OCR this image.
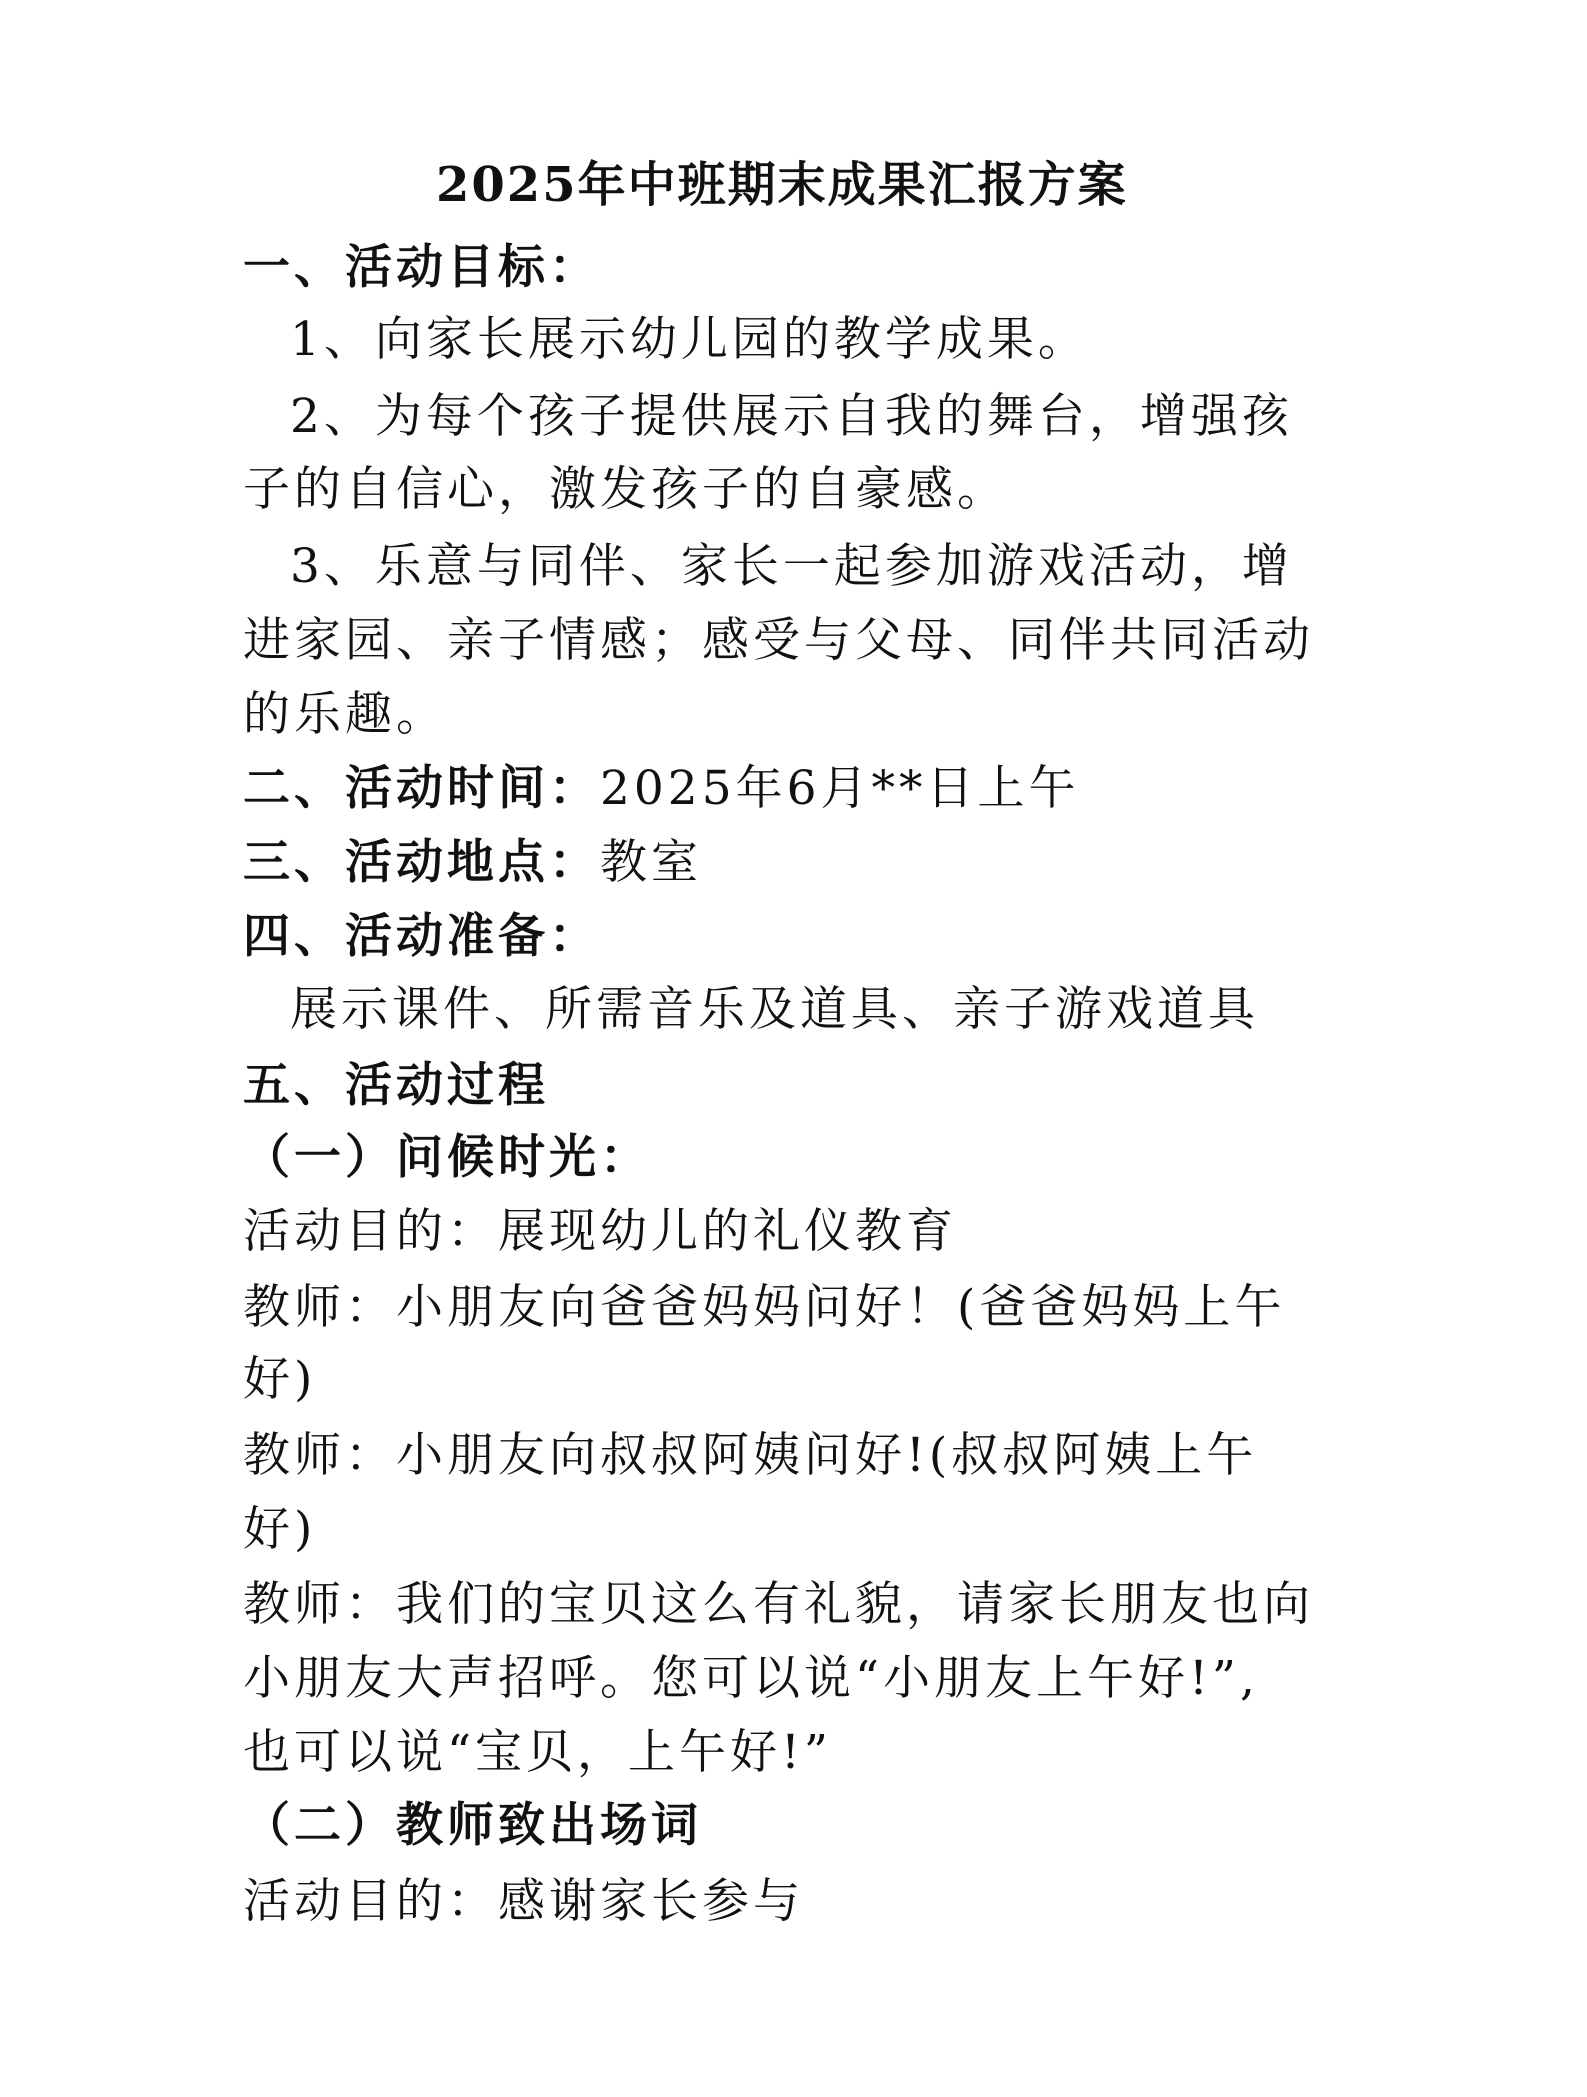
2025年中班期末成果汇报方案
一、活动目标：
1、向家长展示幼儿园的教学成果。
2、为每个孩子提供展示自我的舞台，增强孩
子的自信心，激发孩子的自豪感。
3、乐意与同伴、家长一起参加游戏活动，增
进家园、亲子情感；感受与父母、同伴共同活动
的乐趣。
二、活动时间：2025年6月**日上午
三、活动地点：教室
四、活动准备：
展示课件、所需音乐及道具、亲子游戏道具
五、活动过程
（一）问候时光：
活动目的：展现幼儿的礼仪教育
教师：小朋友向爸爸妈妈问好！(爸爸妈妈上午
好)
教师：小朋友向叔叔阿姨问好!(叔叔阿姨上午
好)
教师：我们的宝贝这么有礼貌，请家长朋友也向
小朋友大声招呼。您可以说“小朋友上午好!”,
也可以说“宝贝，上午好!”
（二）教师致出场词
活动目的：感谢家长参与
